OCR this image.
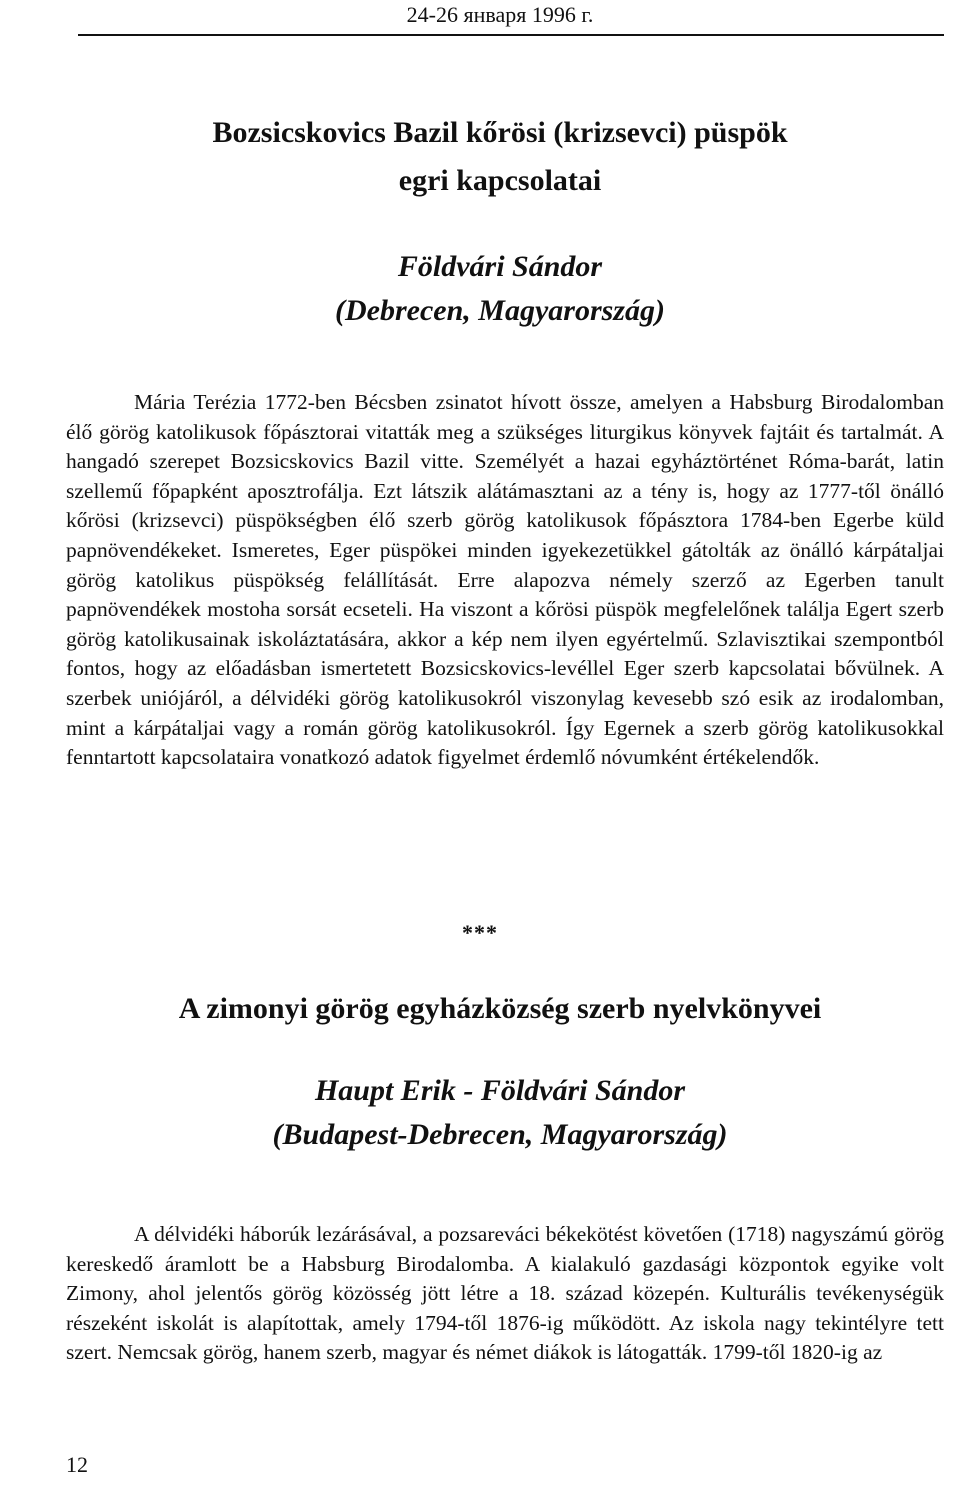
24-26 января 1996 г.
Bozsicskovics Bazil kőrösi (krizsevci) püspök
egri kapcsolatai
Földvári Sándor
(Debrecen, Magyarország)

Mária Terézia 1772-ben Bécsben zsinatot hívott össze, amelyen a Habsburg Birodalomban élő görög katolikusok főpásztorai vitatták meg a szükséges liturgikus könyvek fajtáit és tartalmát. A hangadó szerepet Bozsicskovics Bazil vitte. Személyét a hazai egyháztörténet Róma-barát, latin szellemű főpapként aposztrofálja. Ezt látszik alátámasztani az a tény is, hogy az 1777-től önálló kőrösi (krizsevci) püspökségben élő szerb görög katolikusok főpásztora 1784-ben Egerbe küld papnövendékeket. Ismeretes, Eger püspökei minden igyekezetükkel gátolták az önálló kárpátaljai görög katolikus püspökség felállítását. Erre alapozva némely szerző az Egerben tanult papnövendékek mostoha sorsát ecseteli. Ha viszont a kőrösi püspök megfelelőnek találja Egert szerb görög katolikusainak iskoláztatására, akkor a kép nem ilyen egyértelmű. Szlavisztikai szempontból fontos, hogy az előadásban ismertetett Bozsicskovics-levéllel Eger szerb kapcsolatai bővülnek. A szerbek uniójáról, a délvidéki görög katolikusokról viszonylag kevesebb szó esik az irodalomban, mint a kárpátaljai vagy a román görög katolikusokról. Így Egernek a szerb görög katolikusokkal fenntartott kapcsolataira vonatkozó adatok figyelmet érdemlő nóvumként értékelendők.

***
A zimonyi görög egyházközség szerb nyelvkönyvei
Haupt Erik - Földvári Sándor
(Budapest-Debrecen, Magyarország)

A délvidéki háborúk lezárásával, a pozsareváci békekötést követően (1718) nagyszámú görög kereskedő áramlott be a Habsburg Birodalomba. A kialakuló gazdasági központok egyike volt Zimony, ahol jelentős görög közösség jött létre a 18. század közepén. Kulturális tevékenységük részeként iskolát is alapítottak, amely 1794-től 1876-ig működött. Az iskola nagy tekintélyre tett szert. Nemcsak görög, hanem szerb, magyar és német diákok is látogatták. 1799-től 1820-ig az

12
